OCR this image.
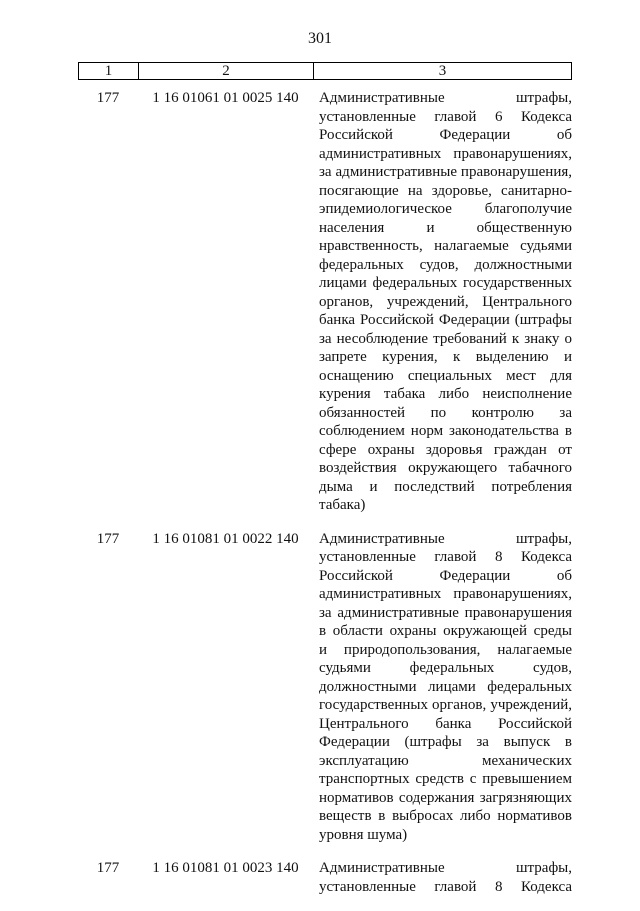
301
1	2	3
177	1 16 01061 01 0025 140	Административные штрафы,
установленные главой 6 Кодекса
Российской Федерации об
административных правонарушениях,
за административные правонарушения,
посягающие на здоровье, санитарно-
эпидемиологическое благополучие
населения и общественную
нравственность, налагаемые судьями
федеральных судов, должностными
лицами федеральных государственных
органов, учреждений, Центрального
банка Российской Федерации (штрафы
за несоблюдение требований к знаку о
запрете курения, к выделению и
оснащению специальных мест для
курения табака либо неисполнение
обязанностей по контролю за
соблюдением норм законодательства в
сфере охраны здоровья граждан от
воздействия окружающего табачного
дыма и последствий потребления
табака)
177	1 16 01081 01 0022 140	Административные штрафы,
установленные главой 8 Кодекса
Российской Федерации об
административных правонарушениях,
за административные правонарушения
в области охраны окружающей среды
и природопользования, налагаемые
судьями федеральных судов,
должностными лицами федеральных
государственных органов, учреждений,
Центрального банка Российской
Федерации (штрафы за выпуск в
эксплуатацию механических
транспортных средств с превышением
нормативов содержания загрязняющих
веществ в выбросах либо нормативов
уровня шума)
177	1 16 01081 01 0023 140	Административные штрафы,
установленные главой 8 Кодекса
